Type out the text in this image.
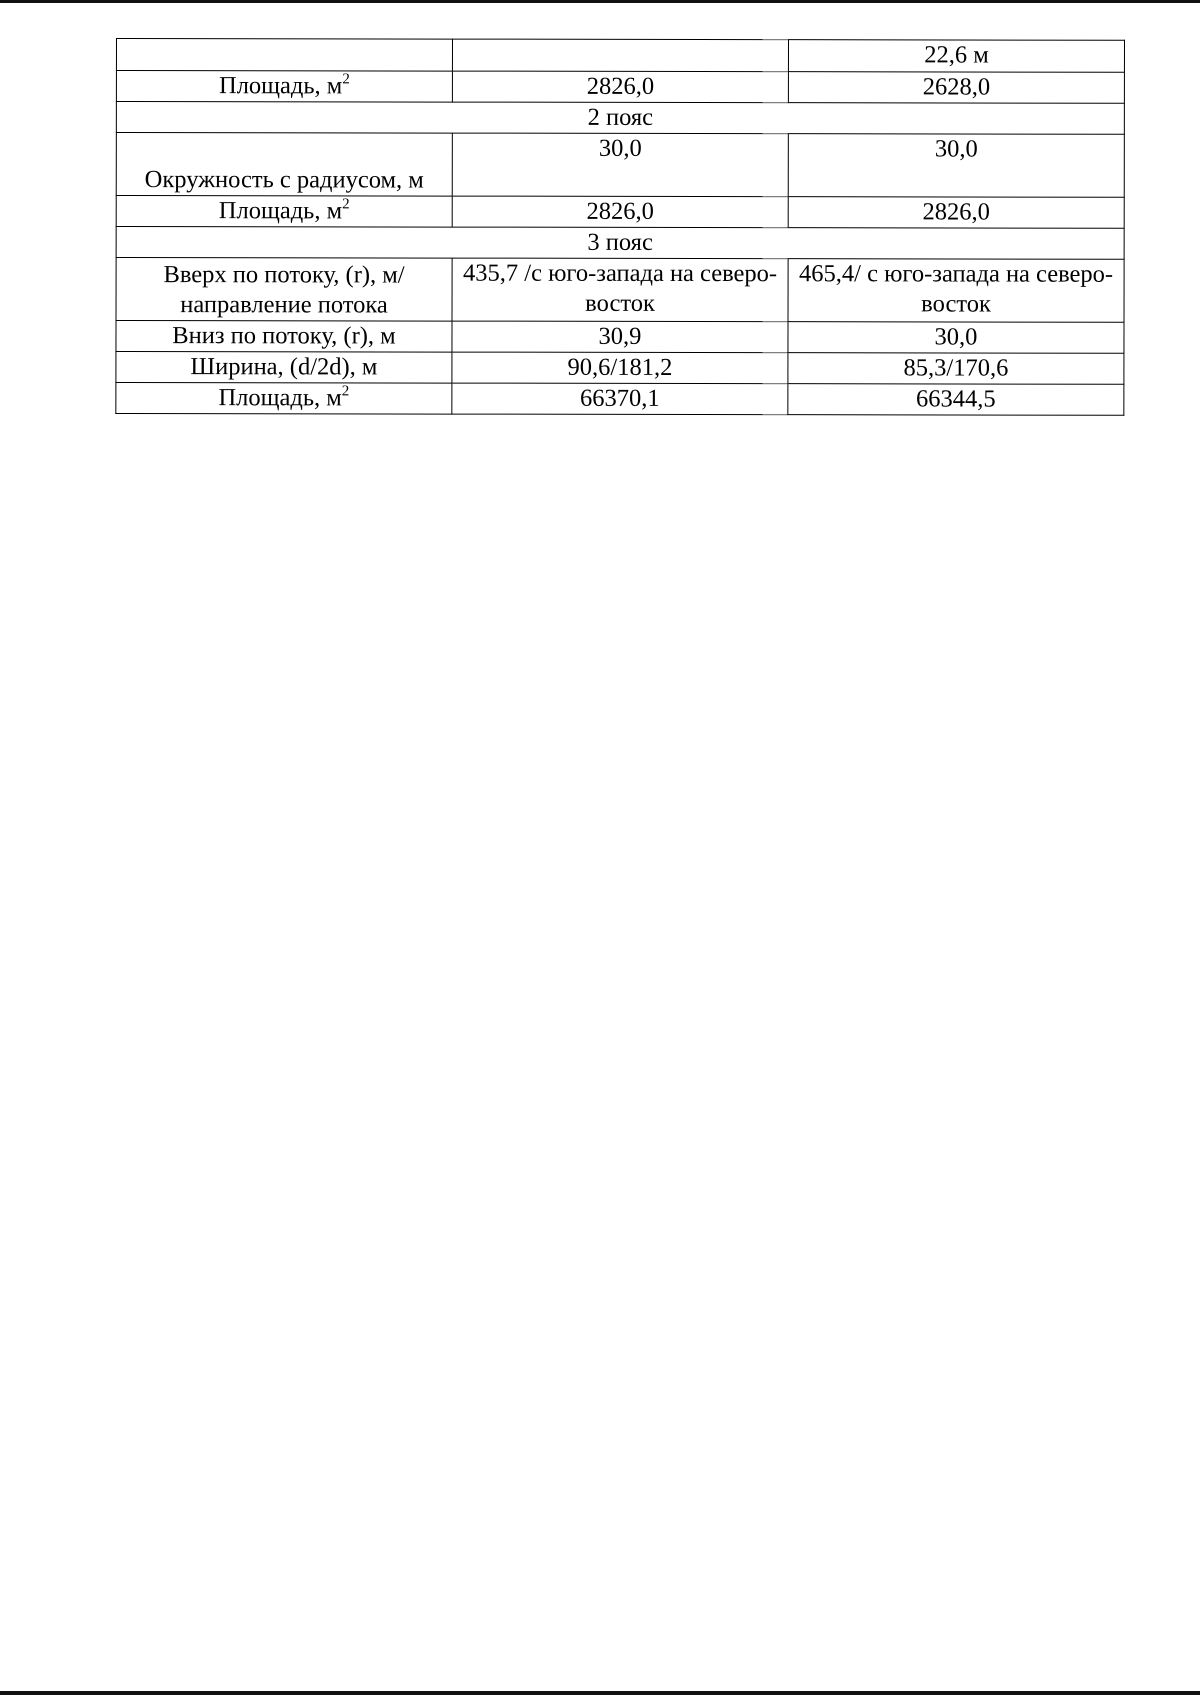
		22,6 м
Площадь, $м^2$	2826,0	2628,0
2 пояс		
Окружность с радиусом, м	30,0	30,0
Площадь, $м^2$	2826,0	2826,0
3 пояс		
Вверх по потоку, (r), м/направление потока	435,7 /с юго-запада на северо-восток	465,4/ с юго-запада на северо-восток
Вниз по потоку, (r), м	30,9	30,0
Ширина, (d/2d), м	90,6/181,2	85,3/170,6
Площадь, $м^2$	66370,1	66344,5
